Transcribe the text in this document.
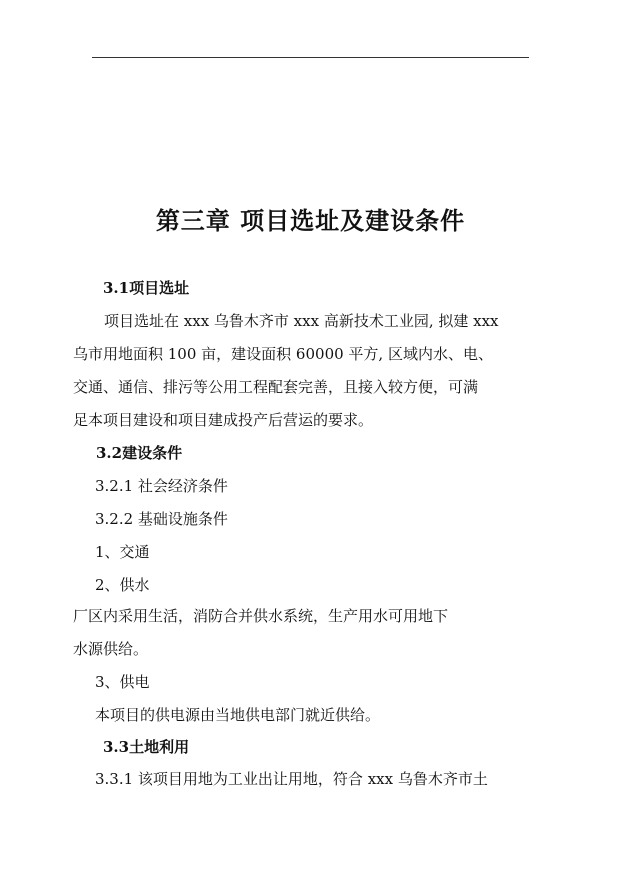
第三章 项目选址及建设条件
3.1项目选址
项目选址在 xxx 乌鲁木齐市 xxx 高新技术工业园, 拟建 xxx
乌市用地面积 100 亩，建设面积 60000 平方, 区域内水、电、
交通、通信、排污等公用工程配套完善，且接入较方便，可满
足本项目建设和项目建成投产后营运的要求。
3.2建设条件
3.2.1 社会经济条件
3.2.2 基础设施条件
1、交通
2、供水
厂区内采用生活，消防合并供水系统，生产用水可用地下
水源供给。
3、供电
本项目的供电源由当地供电部门就近供给。
3.3土地利用
3.3.1 该项目用地为工业出让用地，符合 xxx 乌鲁木齐市土
